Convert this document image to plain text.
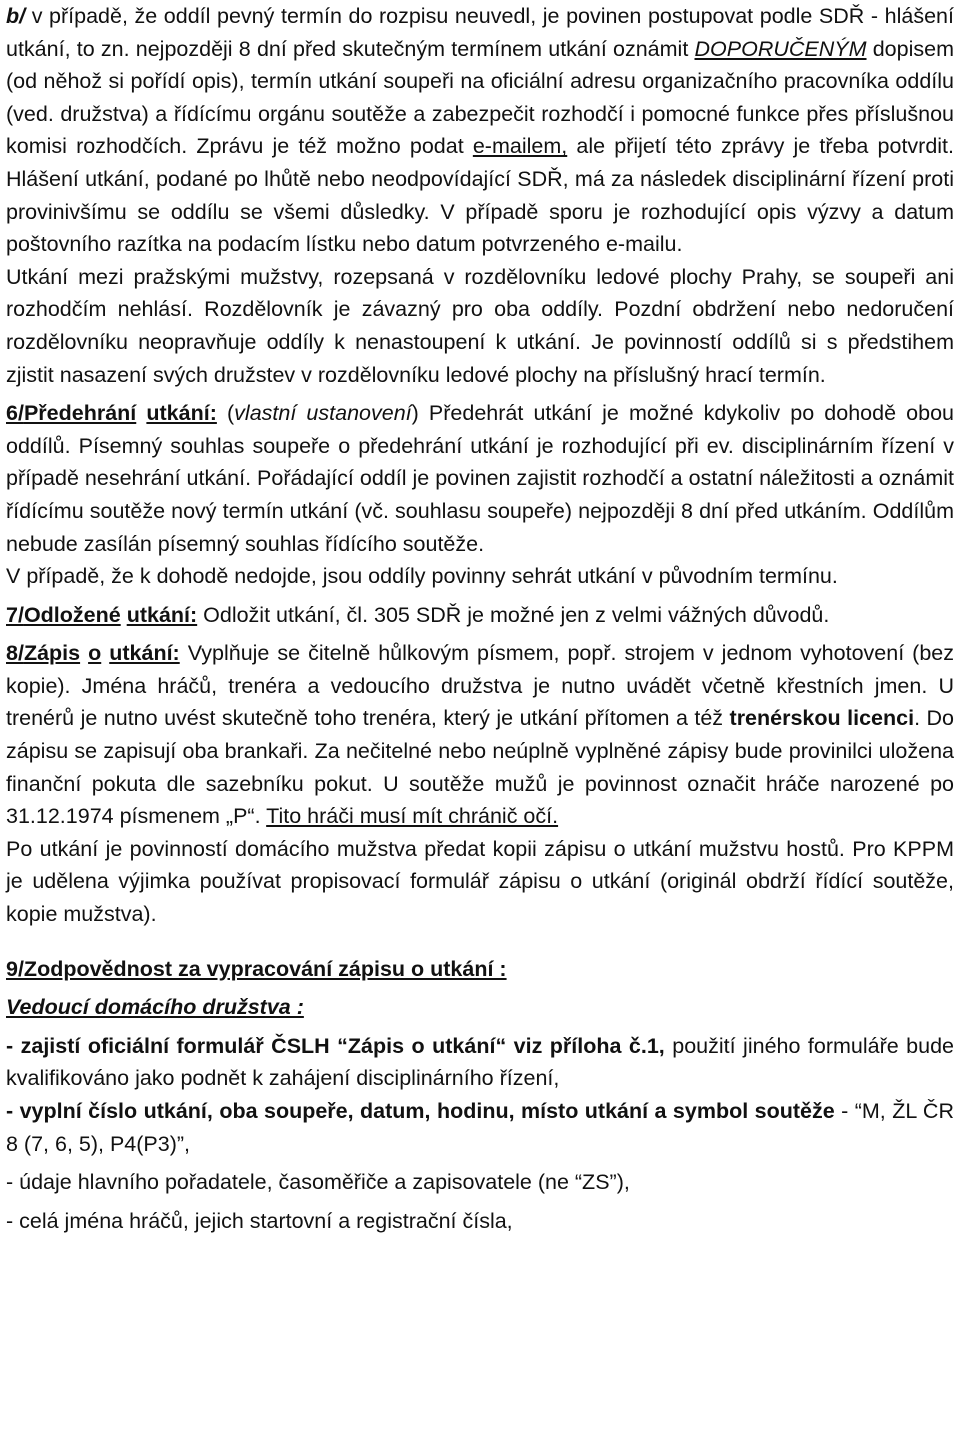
b/ v případě, že oddíl pevný termín do rozpisu neuvedl, je povinen postupovat podle SDŘ - hlášení utkání, to zn. nejpozději 8 dní před skutečným termínem utkání oznámit DOPORUČENÝM dopisem (od něhož si pořídí opis), termín utkání soupeři na oficiální adresu organizačního pracovníka oddílu (ved. družstva) a řídícímu orgánu soutěže a zabezpečit rozhodčí i pomocné funkce přes příslušnou komisi rozhodčích. Zprávu je též možno podat e-mailem, ale přijetí této zprávy je třeba potvrdit. Hlášení utkání, podané po lhůtě nebo neodpovídající SDŘ, má za následek disciplinární řízení proti provinivšímu se oddílu se všemi důsledky. V případě sporu je rozhodující opis výzvy a datum poštovního razítka na podacím lístku nebo datum potvrzeného e-mailu.

Utkání mezi pražskými mužstvy, rozepsaná v rozdělovníku ledové plochy Prahy, se soupeři ani rozhodčím nehlásí. Rozdělovník je závazný pro oba oddíly. Pozdní obdržení nebo nedoručení rozdělovníku neopravňuje oddíly k nenastoupení k utkání. Je povinností oddílů si s předstihem zjistit nasazení svých družstev v rozdělovníku ledové plochy na příslušný hrací termín.

6/Předehrání utkání: (vlastní ustanovení) Předehrát utkání je možné kdykoliv po dohodě obou oddílů. Písemný souhlas soupeře o předehrání utkání je rozhodující při ev. disciplinárním řízení v případě nesehrání utkání. Pořádající oddíl je povinen zajistit rozhodčí a ostatní náležitosti a oznámit řídícímu soutěže nový termín utkání (vč. souhlasu soupeře) nejpozději 8 dní před utkáním. Oddílům nebude zasílán písemný souhlas řídícího soutěže.

V případě, že k dohodě nedojde, jsou oddíly povinny sehrát utkání v původním termínu.

7/Odložené utkání: Odložit utkání, čl. 305 SDŘ je možné jen z velmi vážných důvodů.

8/Zápis o utkání: Vyplňuje se čitelně hůlkovým písmem, popř. strojem v jednom vyhotovení (bez kopie). Jména hráčů, trenéra a vedoucího družstva je nutno uvádět včetně křestních jmen. U trenérů je nutno uvést skutečně toho trenéra, který je utkání přítomen a též trenérskou licenci. Do zápisu se zapisují oba brankaři. Za nečitelné nebo neúplně vyplněné zápisy bude provinilci uložena finanční pokuta dle sazebníku pokut. U soutěže mužů je povinnost označit hráče narozené po 31.12.1974 písmenem „P“. Tito hráči musí mít chránič očí.

Po utkání je povinností domácího mužstva předat kopii zápisu o utkání mužstvu hostů. Pro KPPM je udělena výjimka používat propisovací formulář zápisu o utkání (originál obdrží řídící soutěže, kopie mužstva).

9/Zodpovědnost za vypracování zápisu o utkání :

Vedoucí domácího družstva :

- zajistí oficiální formulář ČSLH “Zápis o utkání“ viz příloha č.1, použití jiného formuláře bude kvalifikováno jako podnět k zahájení disciplinárního řízení,

- vyplní číslo utkání, oba soupeře, datum, hodinu, místo utkání a symbol soutěže - “M, ŽL ČR 8 (7, 6, 5), P4(P3)”,

- údaje hlavního pořadatele, časoměřiče a zapisovatele (ne “ZS”),

- celá jména hráčů, jejich startovní a registrační čísla,
